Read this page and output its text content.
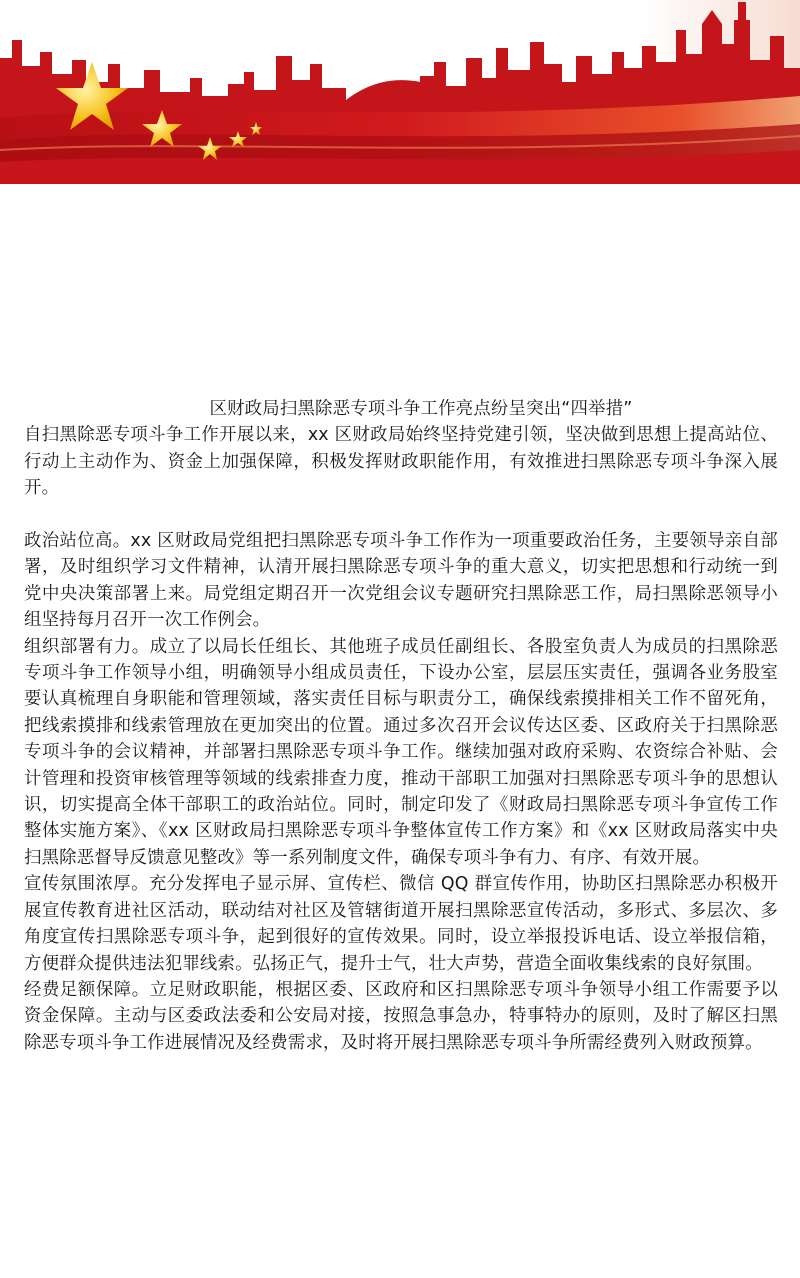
区财政局扫黑除恶专项斗争工作亮点纷呈突出“四举措”

自扫黑除恶专项斗争工作开展以来，xx 区财政局始终坚持党建引领，坚决做到思想上提高站位、行动上主动作为、资金上加强保障，积极发挥财政职能作用，有效推进扫黑除恶专项斗争深入展开。

政治站位高。xx 区财政局党组把扫黑除恶专项斗争工作作为一项重要政治任务，主要领导亲自部署，及时组织学习文件精神，认清开展扫黑除恶专项斗争的重大意义，切实把思想和行动统一到党中央决策部署上来。局党组定期召开一次党组会议专题研究扫黑除恶工作，局扫黑除恶领导小组坚持每月召开一次工作例会。

组织部署有力。成立了以局长任组长、其他班子成员任副组长、各股室负责人为成员的扫黑除恶专项斗争工作领导小组，明确领导小组成员责任，下设办公室，层层压实责任，强调各业务股室要认真梳理自身职能和管理领域，落实责任目标与职责分工，确保线索摸排相关工作不留死角，把线索摸排和线索管理放在更加突出的位置。通过多次召开会议传达区委、区政府关于扫黑除恶专项斗争的会议精神，并部署扫黑除恶专项斗争工作。继续加强对政府采购、农资综合补贴、会计管理和投资审核管理等领域的线索排查力度，推动干部职工加强对扫黑除恶专项斗争的思想认识，切实提高全体干部职工的政治站位。同时，制定印发了《财政局扫黑除恶专项斗争宣传工作整体实施方案》、《xx 区财政局扫黑除恶专项斗争整体宣传工作方案》和《xx 区财政局落实中央扫黑除恶督导反馈意见整改》等一系列制度文件，确保专项斗争有力、有序、有效开展。

宣传氛围浓厚。充分发挥电子显示屏、宣传栏、微信 QQ 群宣传作用，协助区扫黑除恶办积极开展宣传教育进社区活动，联动结对社区及管辖街道开展扫黑除恶宣传活动，多形式、多层次、多角度宣传扫黑除恶专项斗争，起到很好的宣传效果。同时，设立举报投诉电话、设立举报信箱，方便群众提供违法犯罪线索。弘扬正气，提升士气，壮大声势，营造全面收集线索的良好氛围。

经费足额保障。立足财政职能，根据区委、区政府和区扫黑除恶专项斗争领导小组工作需要予以资金保障。主动与区委政法委和公安局对接，按照急事急办，特事特办的原则，及时了解区扫黑除恶专项斗争工作进展情况及经费需求，及时将开展扫黑除恶专项斗争所需经费列入财政预算。
